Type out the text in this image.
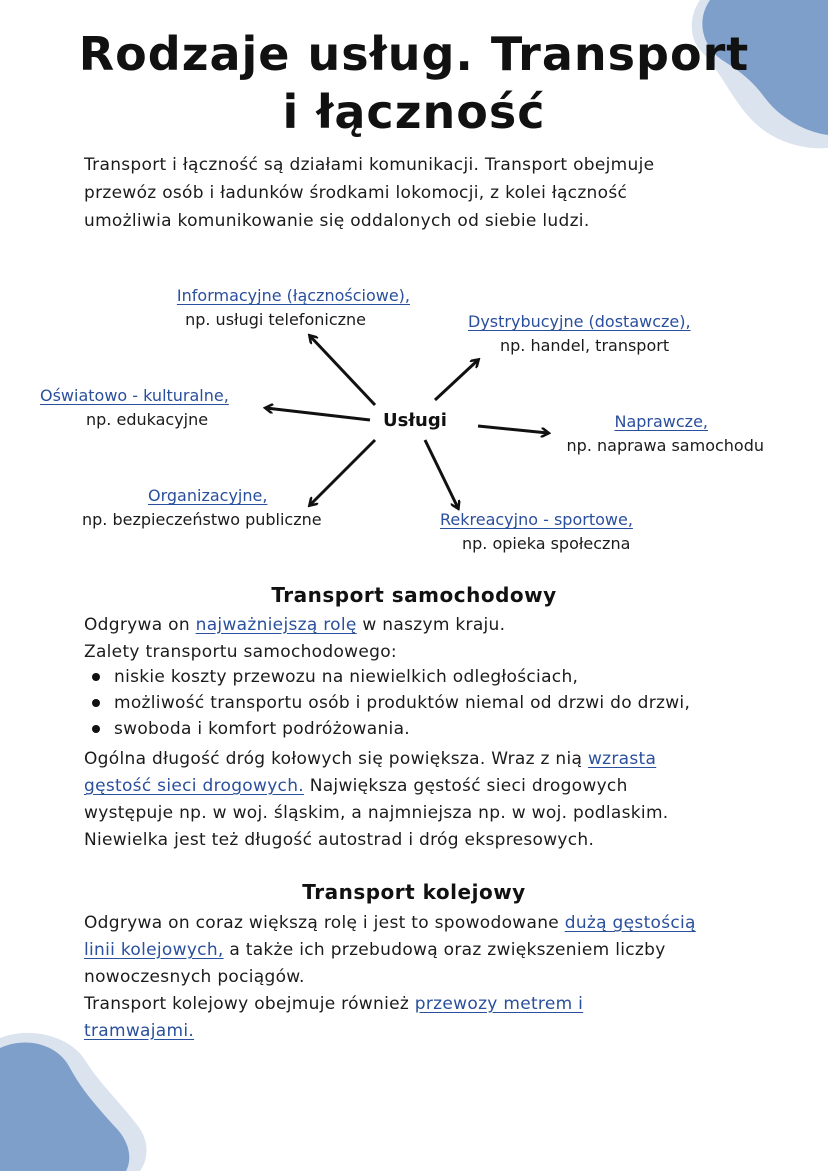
Rodzaje usług. Transport
i łączność
Transport i łączność są działami komunikacji. Transport obejmuje
przewóz osób i ładunków środkami lokomocji, z kolei łączność
umożliwia komunikowanie się oddalonych od siebie ludzi.
Usługi
Informacyjne (łącznościowe),
np. usługi telefoniczne	Dystrybucyjne (dostawcze),
np. handel, transport
Oświatowo - kulturalne,
np. edukacyjne	Naprawcze,
np. naprawa samochodu
Organizacyjne,
np. bezpieczeństwo publiczne	Rekreacyjno - sportowe,
np. opieka społeczna
Transport samochodowy
Odgrywa on najważniejszą rolę w naszym kraju.
Zalety transportu samochodowego:
niskie koszty przewozu na niewielkich odległościach,
możliwość transportu osób i produktów niemal od drzwi do drzwi,
swoboda i komfort podróżowania.
Ogólna długość dróg kołowych się powiększa. Wraz z nią wzrasta
gęstość sieci drogowych. Największa gęstość sieci drogowych
występuje np. w woj. śląskim, a najmniejsza np. w woj. podlaskim.
Niewielka jest też długość autostrad i dróg ekspresowych.
Transport kolejowy
Odgrywa on coraz większą rolę i jest to spowodowane dużą gęstością
linii kolejowych, a także ich przebudową oraz zwiększeniem liczby
nowoczesnych pociągów.
Transport kolejowy obejmuje również przewozy metrem i
tramwajami.
